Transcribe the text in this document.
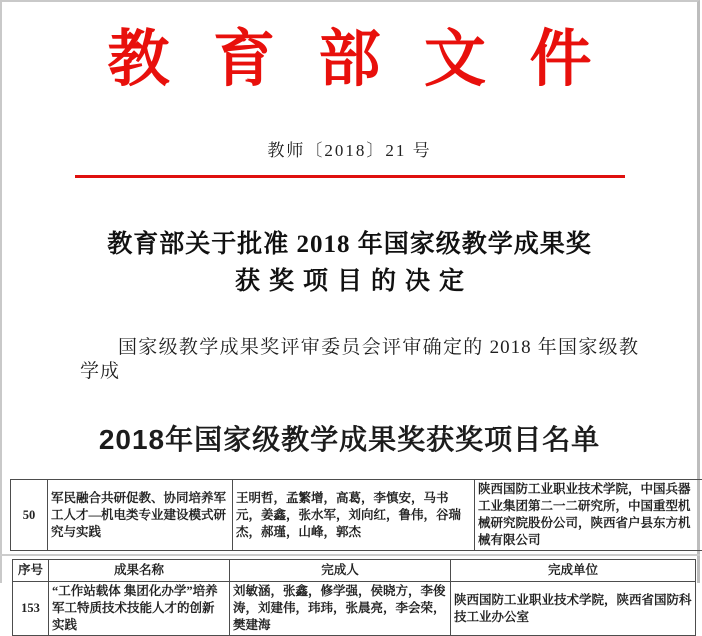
教 育 部 文 件
教师〔2018〕21 号
教育部关于批准 2018 年国家级教学成果奖
获奖项目的决定

国家级教学成果奖评审委员会评审确定的 2018 年国家级教学成

2018年国家级教学成果奖获奖项目名单
50	军民融合共研促教、协同培养军工人才—机电类专业建设模式研究与实践	王明哲，孟繁增，高葛，李慎安，马书元，姜鑫，张水军，刘向红，鲁伟，谷瑞杰，郝瑾，山峰，郭杰	陕西国防工业职业技术学院，中国兵器工业集团第二一二研究所，中国重型机械研究院股份公司，陕西省户县东方机械有限公司
序号	成果名称	完成人	完成单位
153	“工作站载体 集团化办学”培养军工特质技术技能人才的创新实践	刘敏涵，张鑫，修学强，侯晓方，李俊涛，刘建伟，玮玮，张晨亮，李会荣，樊建海	陕西国防工业职业技术学院，陕西省国防科技工业办公室
